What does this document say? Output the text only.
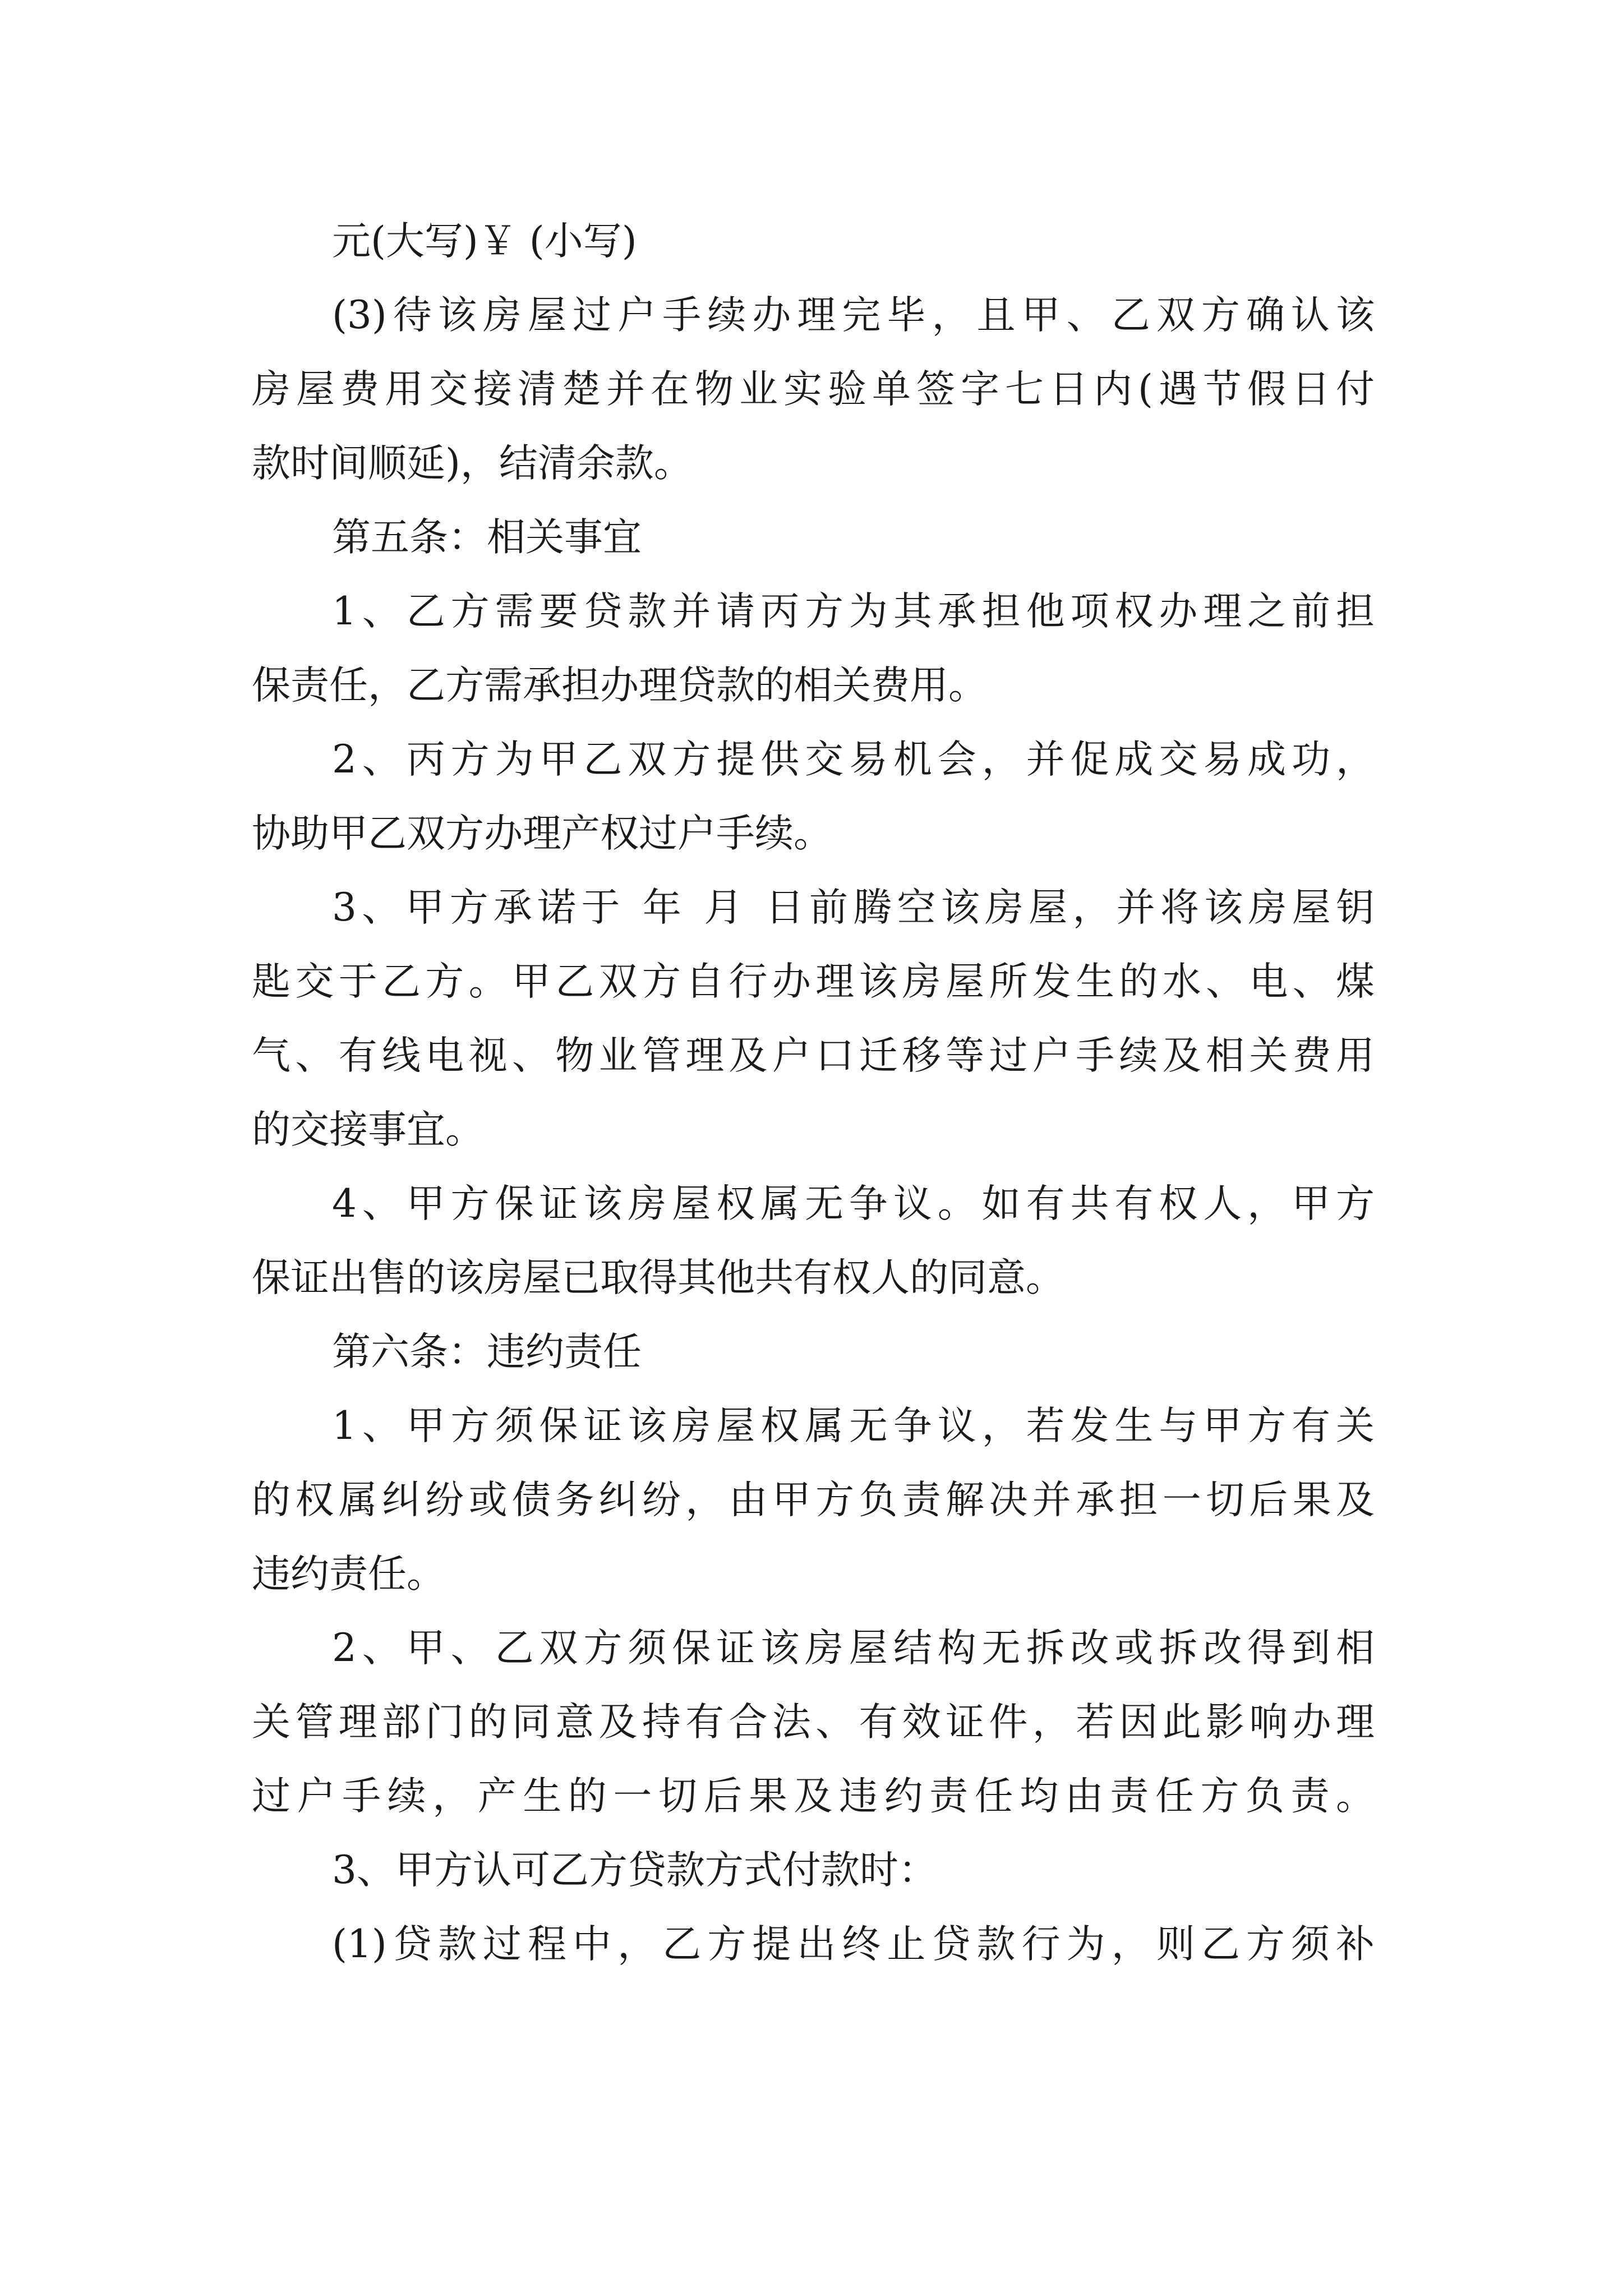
元(大写)￥ (小写)
(3)待该房屋过户手续办理完毕，且甲、乙双方确认该
房屋费用交接清楚并在物业实验单签字七日内(遇节假日付
款时间顺延)，结清余款。
第五条：相关事宜
1、乙方需要贷款并请丙方为其承担他项权办理之前担
保责任，乙方需承担办理贷款的相关费用。
2、丙方为甲乙双方提供交易机会，并促成交易成功，
协助甲乙双方办理产权过户手续。
3、甲方承诺于 年 月 日前腾空该房屋，并将该房屋钥
匙交于乙方。甲乙双方自行办理该房屋所发生的水、电、煤
气、有线电视、物业管理及户口迁移等过户手续及相关费用
的交接事宜。
4、甲方保证该房屋权属无争议。如有共有权人，甲方
保证出售的该房屋已取得其他共有权人的同意。
第六条：违约责任
1、甲方须保证该房屋权属无争议，若发生与甲方有关
的权属纠纷或债务纠纷，由甲方负责解决并承担一切后果及
违约责任。
2、甲、乙双方须保证该房屋结构无拆改或拆改得到相
关管理部门的同意及持有合法、有效证件，若因此影响办理
过户手续，产生的一切后果及违约责任均由责任方负责。
3、甲方认可乙方贷款方式付款时：
(1)贷款过程中，乙方提出终止贷款行为，则乙方须补
